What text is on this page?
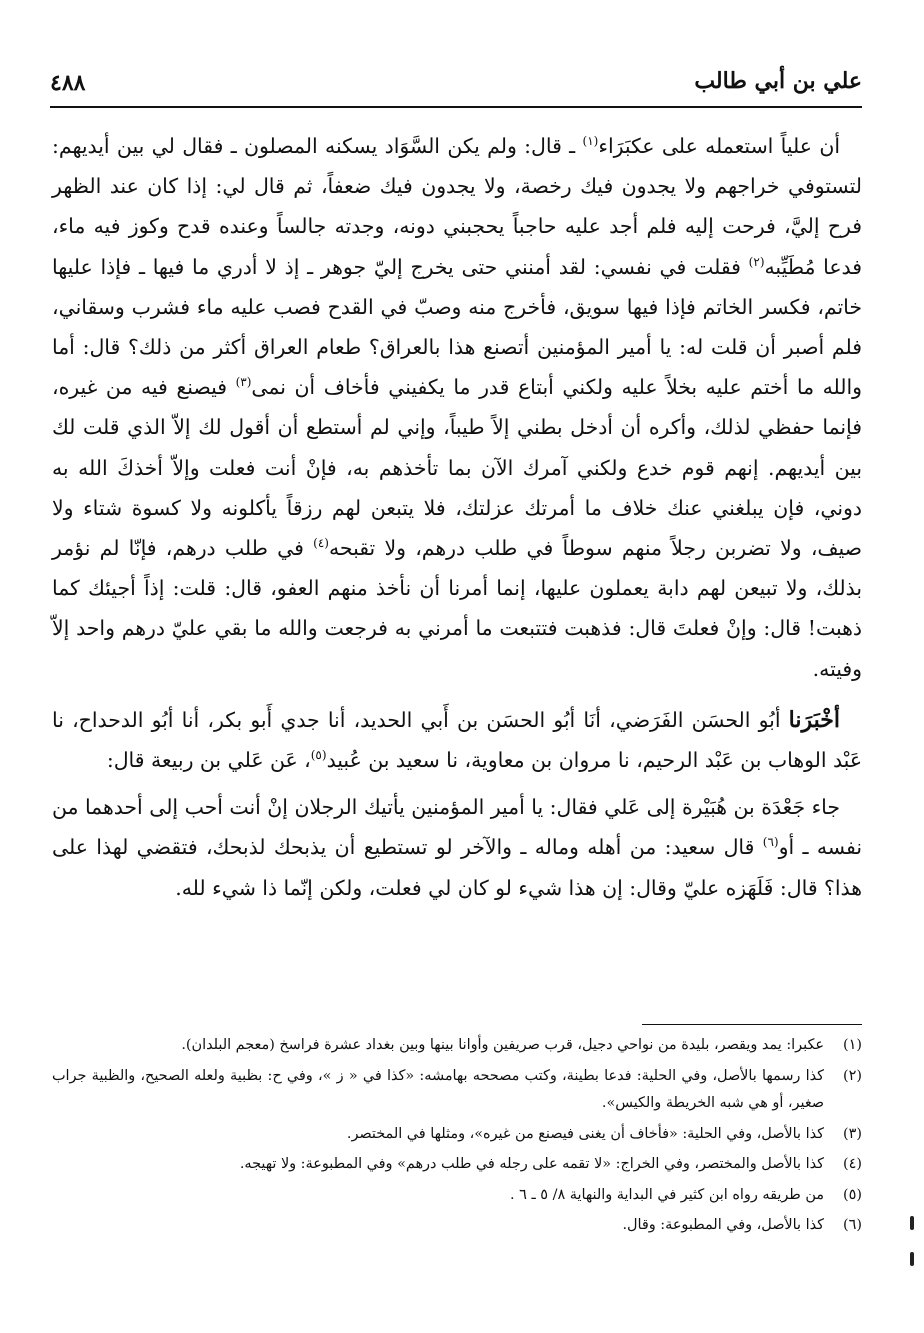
علي بن أبي طالب
٤٨٨

أن علياً استعمله على عكبَرَاء$^{(١)}$ ـ قال: ولم يكن السَّوَاد يسكنه المصلون ـ فقال لي بين أيديهم: لتستوفي خراجهم ولا يجدون فيك رخصة، ولا يجدون فيك ضعفاً، ثم قال لي: إذا كان عند الظهر فرح إليَّ، فرحت إليه فلم أجد عليه حاجباً يحجبني دونه، وجدته جالساً وعنده قدح وكوز فيه ماء، فدعا مُطَيِّبه$^{(٢)}$ فقلت في نفسي: لقد أمنني حتى يخرج إليّ جوهر ـ إذ لا أدري ما فيها ـ فإذا عليها خاتم، فكسر الخاتم فإذا فيها سويق، فأخرج منه وصبّ في القدح فصب عليه ماء فشرب وسقاني، فلم أصبر أن قلت له: يا أمير المؤمنين أتصنع هذا بالعراق؟ طعام العراق أكثر من ذلك؟ قال: أما والله ما أختم عليه بخلاً عليه ولكني أبتاع قدر ما يكفيني فأخاف أن نمى$^{(٣)}$ فيصنع فيه من غيره، فإنما حفظي لذلك، وأكره أن أدخل بطني إلاً طيباً، وإني لم أستطع أن أقول لك إلاّ الذي قلت لك بين أيديهم. إنهم قوم خدع ولكني آمرك الآن بما تأخذهم به، فإنْ أنت فعلت وإلاّ أخذكَ الله به دوني، فإن يبلغني عنك خلاف ما أمرتك عزلتك، فلا يتبعن لهم رزقاً يأكلونه ولا كسوة شتاء ولا صيف، ولا تضربن رجلاً منهم سوطاً في طلب درهم، ولا تقبحه$^{(٤)}$ في طلب درهم، فإنّا لم نؤمر بذلك، ولا تبيعن لهم دابة يعملون عليها، إنما أمرنا أن نأخذ منهم العفو، قال: قلت: إذاً أجيئك كما ذهبت! قال: وإنْ فعلتَ قال: فذهبت فتتبعت ما أمرني به فرجعت والله ما بقي عليّ درهم واحد إلاّ وفيته.

أخْبَرَنا أبُو الحسَن الفَرَضي، أنَا أبُو الحسَن بن أَبي الحديد، أنا جدي أَبو بكر، أنا أبُو الدحداح، نا عَبْد الوهاب بن عَبْد الرحيم، نا مروان بن معاوية، نا سعيد بن عُبيد$^{(٥)}$، عَن عَلي بن ربيعة قال:

جاء جَعْدَة بن هُبَيْرة إلى عَلي فقال: يا أمير المؤمنين يأتيك الرجلان إنْ أنت أحب إلى أحدهما من نفسه ـ أو$^{(٦)}$ قال سعيد: من أهله وماله ـ والآخر لو تستطيع أن يذبحك لذبحك، فتقضي لهذا على هذا؟ قال: فَلَهَزه عليّ وقال: إن هذا شيء لو كان لي فعلت، ولكن إنّما ذا شيء لله.

(١)
عكبرا: يمد ويقصر، بليدة من نواحي دجيل، قرب صريفين وأوانا بينها وبين بغداد عشرة فراسخ (معجم البلدان).
(٢)
كذا رسمها بالأصل، وفي الحلية: فدعا بطينة، وكتب مصححه بهامشه: «كذا في « ز »، وفي ح: بظبية ولعله الصحيح، والظبية جراب صغير، أو هي شبه الخريطة والكيس».
(٣)
كذا بالأصل، وفي الحلية: «فأخاف أن يغنى فيصنع من غيره»، ومثلها في المختصر.
(٤)
كذا بالأصل والمختصر، وفي الخراج: «لا تقمه على رجله في طلب درهم» وفي المطبوعة: ولا تهيجه.
(٥)
من طريقه رواه ابن كثير في البداية والنهاية ٨/ ٥ ـ ٦ .
(٦)
كذا بالأصل، وفي المطبوعة: وقال.
